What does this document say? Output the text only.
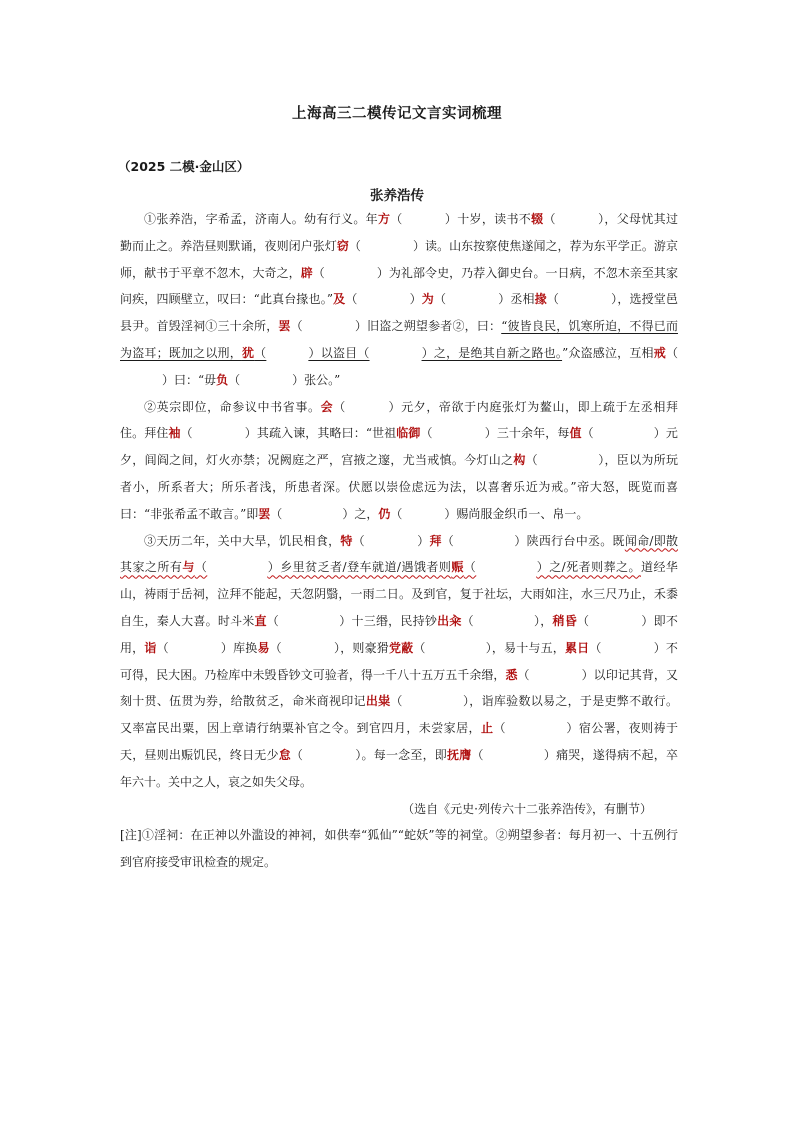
上海高三二模传记文言实词梳理
（2025 二模·金山区）
张养浩传

①张养浩，字希孟，济南人。幼有行义。年方（	）十岁，读书不辍（	），父母忧其过勤而止之。养浩昼则默诵，夜则闭户张灯窃（	）读。山东按察使焦遂闻之，荐为东平学正。游京师，献书于平章不忽木，大奇之，辟（	）为礼部令史，乃荐入御史台。一日病，不忽木亲至其家问疾，四顾壁立，叹曰：“此真台掾也。”及（	）为（	）丞相掾（	），选授堂邑县尹。首毁淫祠①三十余所，罢（	）旧盗之朔望参者②，曰：“彼皆良民，饥寒所迫，不得已而为盗耳；既加之以刑，犹（	）以盗目（	）之，是绝其自新之路也。”众盗感泣，互相戒（）曰：“毋负（	）张公。”

②英宗即位，命参议中书省事。会（	）元夕，帝欲于内庭张灯为鳌山，即上疏于左丞相拜住。拜住袖（	）其疏入谏，其略曰：“世祖临御（	）三十余年，每值（	）元夕，闾阎之间，灯火亦禁；况阙庭之严，宫掖之邃，尤当戒慎。今灯山之构（	），臣以为所玩者小，所系者大；所乐者浅，所患者深。伏愿以崇俭虑远为法，以喜奢乐近为戒。”帝大怒，既览而喜曰：“非张希孟不敢言。”即罢（	）之，仍（	）赐尚服金织币一、帛一。

③天历二年，关中大旱，饥民相食，特（	）拜（	）陕西行台中丞。既闻命/即散其家之所有与（	）乡里贫乏者/登车就道/遇饿者则赈（	）之/死者则葬之。道经华山，祷雨于岳祠，泣拜不能起，天忽阴翳，一雨二日。及到官，复于社坛，大雨如注，水三尺乃止，禾黍自生，秦人大喜。时斗米直（	）十三缗，民持钞出籴（	），稍昏（	）即不用，诣（	）库换易（	），则豪猾党蔽（	），易十与五，累日（	）不可得，民大困。乃检库中未毁昏钞文可验者，得一千八十五万五千余缗，悉（	）以印记其背，又刻十贯、伍贯为券，给散贫乏，命米商视印记出粜（	），诣库验数以易之，于是吏弊不敢行。又率富民出粟，因上章请行纳粟补官之令。到官四月，未尝家居，止（	）宿公署，夜则祷于天，昼则出赈饥民，终日无少怠（	）。每一念至，即抚膺（	）痛哭，遂得病不起，卒年六十。关中之人，哀之如失父母。

（选自《元史·列传六十二张养浩传》，有删节）

[注]①淫祠：在正神以外滥设的神祠，如供奉“狐仙”“蛇妖”等的祠堂。②朔望参者：每月初一、十五例行到官府接受审讯检查的规定。
